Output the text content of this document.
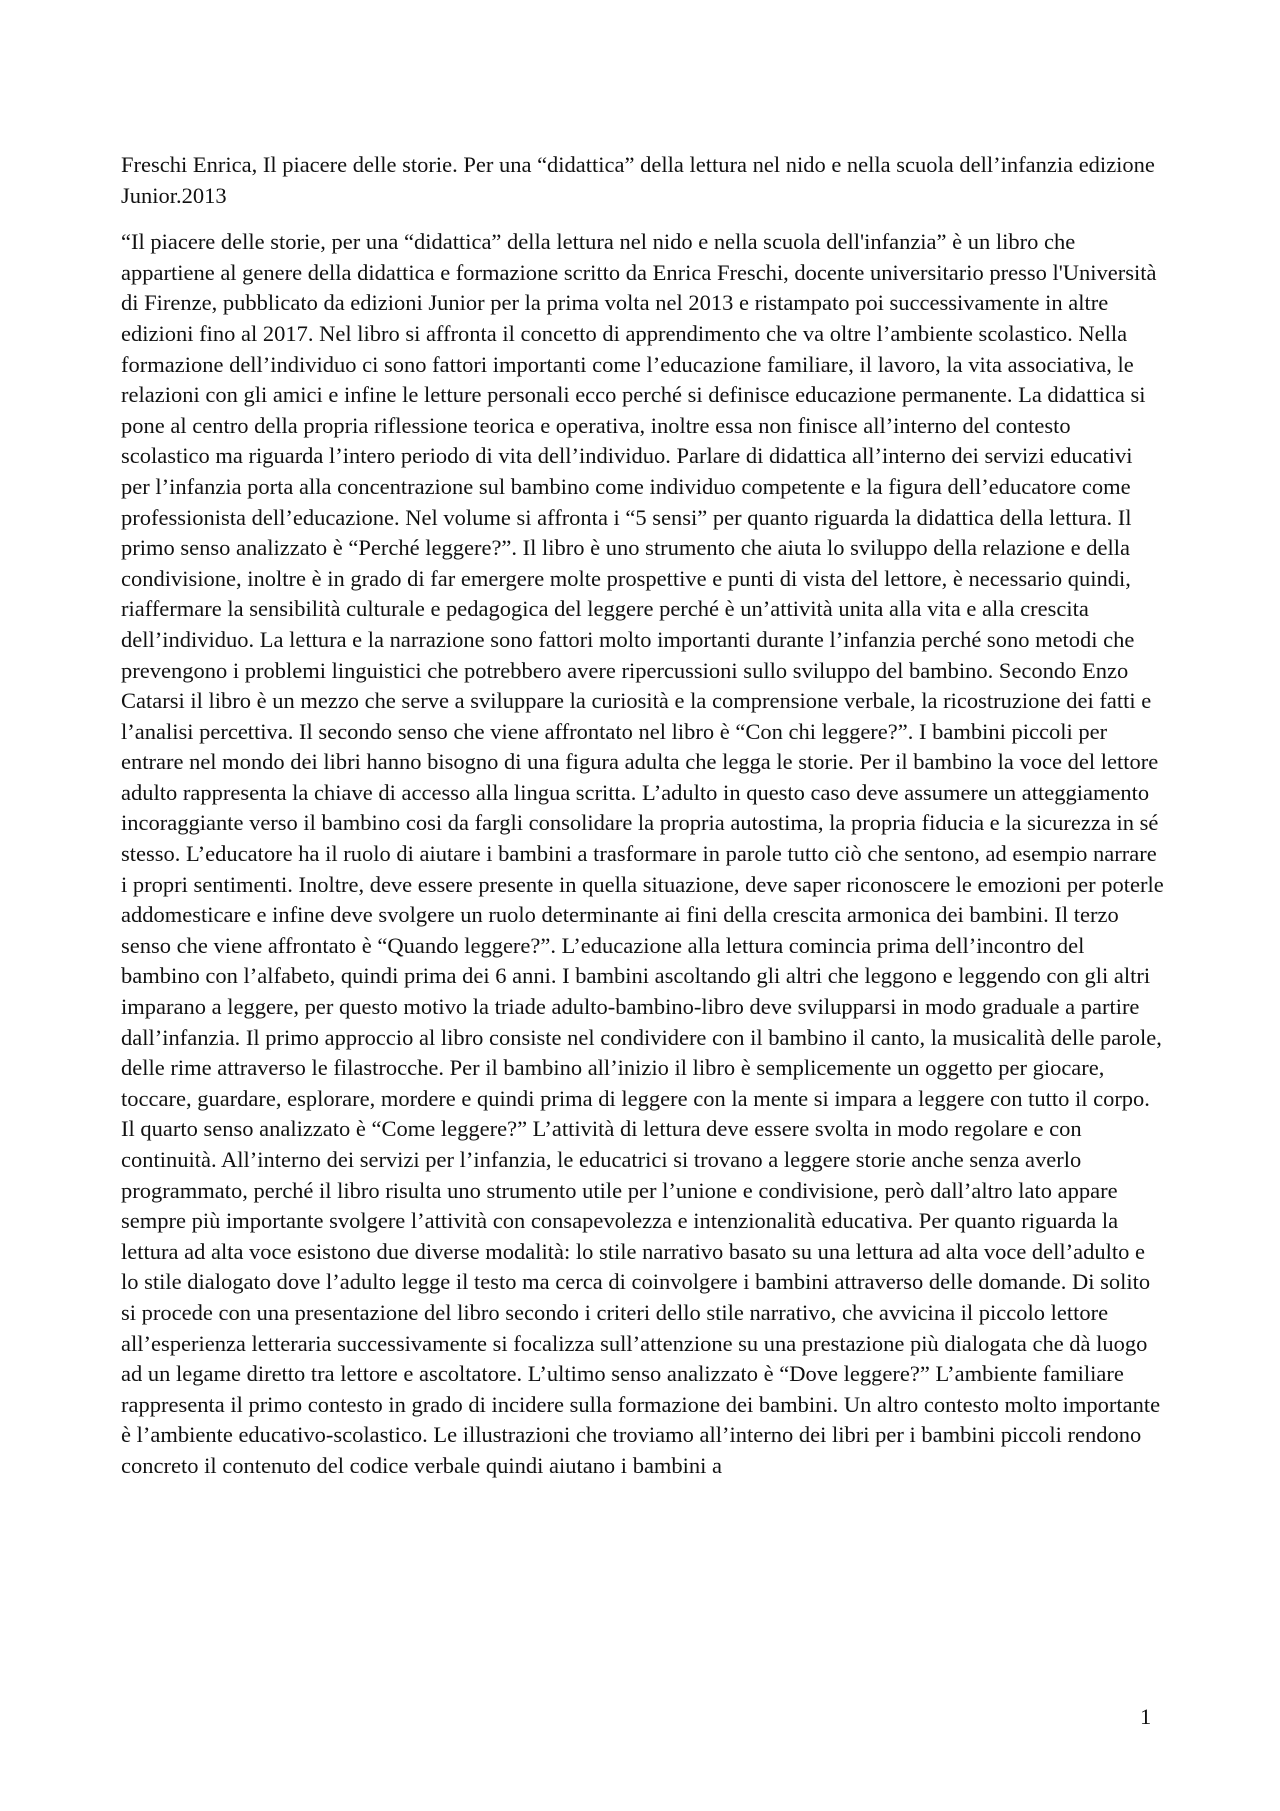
Freschi Enrica, Il piacere delle storie. Per una “didattica” della lettura nel nido e nella scuola dell’infanzia edizione Junior.2013

“Il piacere delle storie, per una “didattica” della lettura nel nido e nella scuola dell'infanzia” è un libro che appartiene al genere della didattica e formazione scritto da Enrica Freschi, docente universitario presso l'Università di Firenze, pubblicato da edizioni Junior per la prima volta nel 2013 e ristampato poi successivamente in altre edizioni fino al 2017. Nel libro si affronta il concetto di apprendimento che va oltre l’ambiente scolastico. Nella formazione dell’individuo ci sono fattori importanti come l’educazione familiare, il lavoro, la vita associativa, le relazioni con gli amici e infine le letture personali ecco perché si definisce educazione permanente. La didattica si pone al centro della propria riflessione teorica e operativa, inoltre essa non finisce all’interno del contesto scolastico ma riguarda l’intero periodo di vita dell’individuo. Parlare di didattica all’interno dei servizi educativi per l’infanzia porta alla concentrazione sul bambino come individuo competente e la figura dell’educatore come professionista dell’educazione. Nel volume si affronta i “5 sensi” per quanto riguarda la didattica della lettura. Il primo senso analizzato è “Perché leggere?”. Il libro è uno strumento che aiuta lo sviluppo della relazione e della condivisione, inoltre è in grado di far emergere molte prospettive e punti di vista del lettore, è necessario quindi, riaffermare la sensibilità culturale e pedagogica del leggere perché è un’attività unita alla vita e alla crescita dell’individuo. La lettura e la narrazione sono fattori molto importanti durante l’infanzia perché sono metodi che prevengono i problemi linguistici che potrebbero avere ripercussioni sullo sviluppo del bambino. Secondo Enzo Catarsi il libro è un mezzo che serve a sviluppare la curiosità e la comprensione verbale, la ricostruzione dei fatti e l’analisi percettiva. Il secondo senso che viene affrontato nel libro è “Con chi leggere?”. I bambini piccoli per entrare nel mondo dei libri hanno bisogno di una figura adulta che legga le storie. Per il bambino la voce del lettore adulto rappresenta la chiave di accesso alla lingua scritta. L’adulto in questo caso deve assumere un atteggiamento incoraggiante verso il bambino cosi da fargli consolidare la propria autostima, la propria fiducia e la sicurezza in sé stesso. L’educatore ha il ruolo di aiutare i bambini a trasformare in parole tutto ciò che sentono, ad esempio narrare i propri sentimenti. Inoltre, deve essere presente in quella situazione, deve saper riconoscere le emozioni per poterle addomesticare e infine deve svolgere un ruolo determinante ai fini della crescita armonica dei bambini. Il terzo senso che viene affrontato è “Quando leggere?”. L’educazione alla lettura comincia prima dell’incontro del bambino con l’alfabeto, quindi prima dei 6 anni. I bambini ascoltando gli altri che leggono e leggendo con gli altri imparano a leggere, per questo motivo la triade adulto-bambino-libro deve svilupparsi in modo graduale a partire dall’infanzia. Il primo approccio al libro consiste nel condividere con il bambino il canto, la musicalità delle parole, delle rime attraverso le filastrocche. Per il bambino all’inizio il libro è semplicemente un oggetto per giocare, toccare, guardare, esplorare, mordere e quindi prima di leggere con la mente si impara a leggere con tutto il corpo. Il quarto senso analizzato è “Come leggere?” L’attività di lettura deve essere svolta in modo regolare e con continuità. All’interno dei servizi per l’infanzia, le educatrici si trovano a leggere storie anche senza averlo programmato, perché il libro risulta uno strumento utile per l’unione e condivisione, però dall’altro lato appare sempre più importante svolgere l’attività con consapevolezza e intenzionalità educativa. Per quanto riguarda la lettura ad alta voce esistono due diverse modalità: lo stile narrativo basato su una lettura ad alta voce dell’adulto e lo stile dialogato dove l’adulto legge il testo ma cerca di coinvolgere i bambini attraverso delle domande. Di solito si procede con una presentazione del libro secondo i criteri dello stile narrativo, che avvicina il piccolo lettore all’esperienza letteraria successivamente si focalizza sull’attenzione su una prestazione più dialogata che dà luogo ad un legame diretto tra lettore e ascoltatore. L’ultimo senso analizzato è “Dove leggere?” L’ambiente familiare rappresenta il primo contesto in grado di incidere sulla formazione dei bambini. Un altro contesto molto importante è l’ambiente educativo-scolastico. Le illustrazioni che troviamo all’interno dei libri per i bambini piccoli rendono concreto il contenuto del codice verbale quindi aiutano i bambini a

1
